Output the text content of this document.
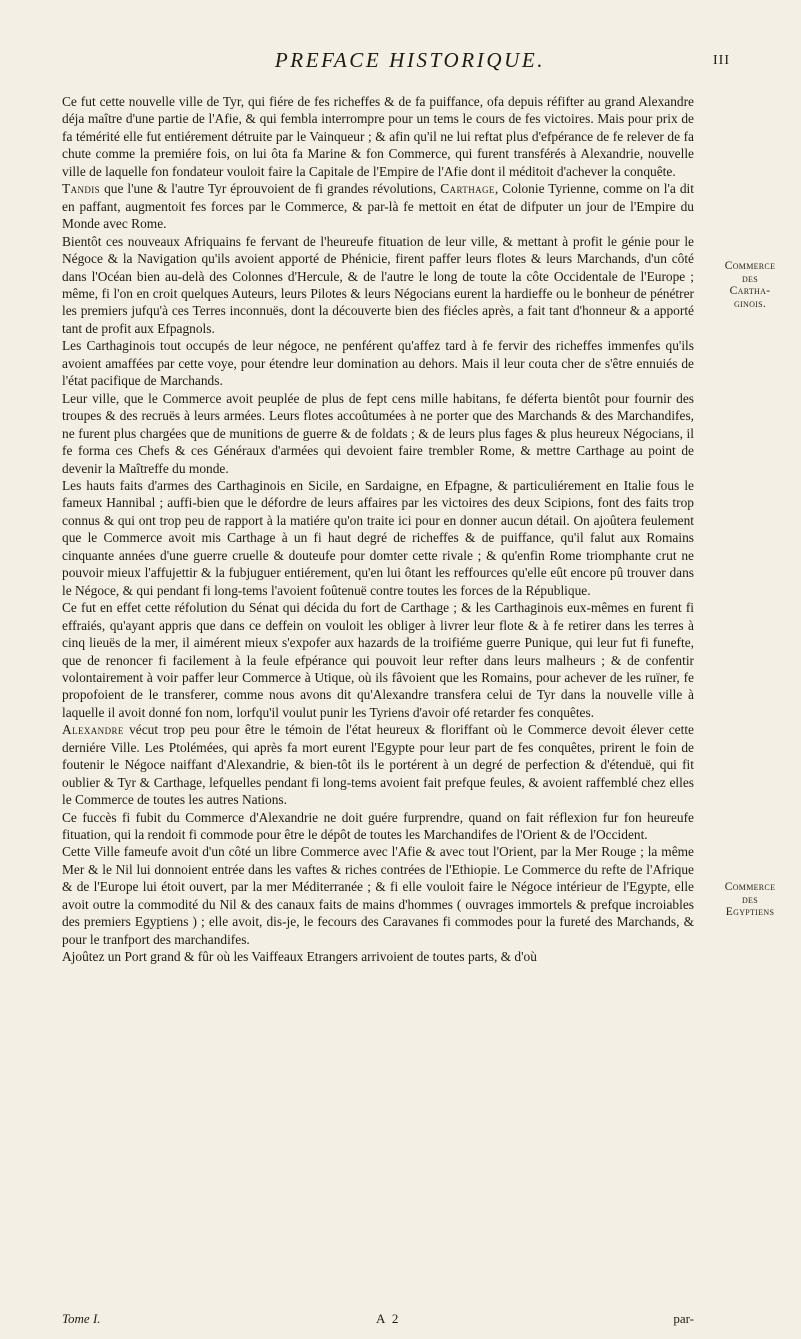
PREFACE HISTORIQUE.	III

Ce fut cette nouvelle ville de Tyr, qui fiére de fes richeffes & de fa puiffance, ofa depuis réfifter au grand Alexandre déja maître d'une partie de l'Afie, & qui fembla interrompre pour un tems le cours de fes victoires. Mais pour prix de fa témérité elle fut entiérement détruite par le Vainqueur ; & afin qu'il ne lui reftat plus d'efpérance de fe relever de fa chute comme la premiére fois, on lui ôta fa Marine & fon Commerce, qui furent transférés à Alexandrie, nouvelle ville de laquelle fon fondateur vouloit faire la Capitale de l'Empire de l'Afie dont il méditoit d'achever la conquête.

Tandis que l'une & l'autre Tyr éprouvoient de fi grandes révolutions, Carthage, Colonie Tyrienne, comme on l'a dit en paffant, augmentoit fes forces par le Commerce, & par-là fe mettoit en état de difputer un jour de l'Empire du Monde avec Rome.

Bientôt ces nouveaux Afriquains fe fervant de l'heureufe fituation de leur ville, & mettant à profit le génie pour le Négoce & la Navigation qu'ils avoient apporté de Phénicie, firent paffer leurs flotes & leurs Marchands, d'un côté dans l'Océan bien au-delà des Colonnes d'Hercule, & de l'autre le long de toute la côte Occidentale de l'Europe ; même, fi l'on en croit quelques Auteurs, leurs Pilotes & leurs Négocians eurent la hardieffe ou le bonheur de pénétrer les premiers jufqu'à ces Terres inconnuës, dont la découverte bien des fiécles après, a fait tant d'honneur & a apporté tant de profit aux Efpagnols.

Les Carthaginois tout occupés de leur négoce, ne penférent qu'affez tard à fe fervir des richeffes immenfes qu'ils avoient amaffées par cette voye, pour étendre leur domination au dehors. Mais il leur couta cher de s'être ennuiés de l'état pacifique de Marchands.

Leur ville, que le Commerce avoit peuplée de plus de fept cens mille habitans, fe déferta bientôt pour fournir des troupes & des recruës à leurs armées. Leurs flotes accoûtumées à ne porter que des Marchands & des Marchandifes, ne furent plus chargées que de munitions de guerre & de foldats ; & de leurs plus fages & plus heureux Négocians, il fe forma ces Chefs & ces Généraux d'armées qui devoient faire trembler Rome, & mettre Carthage au point de devenir la Maîtreffe du monde.

Les hauts faits d'armes des Carthaginois en Sicile, en Sardaigne, en Efpagne, & particuliérement en Italie fous le fameux Hannibal ; auffi-bien que le défordre de leurs affaires par les victoires des deux Scipions, font des faits trop connus & qui ont trop peu de rapport à la matiére qu'on traite ici pour en donner aucun détail. On ajoûtera feulement que le Commerce avoit mis Carthage à un fi haut degré de richeffes & de puiffance, qu'il falut aux Romains cinquante années d'une guerre cruelle & douteufe pour domter cette rivale ; & qu'enfin Rome triomphante crut ne pouvoir mieux l'affujettir & la fubjuguer entiérement, qu'en lui ôtant les reffources qu'elle eût encore pû trouver dans le Négoce, & qui pendant fi long-tems l'avoient foûtenuë contre toutes les forces de la République.

Ce fut en effet cette réfolution du Sénat qui décida du fort de Carthage ; & les Carthaginois eux-mêmes en furent fi effraiés, qu'ayant appris que dans ce deffein on vouloit les obliger à livrer leur flote & à fe retirer dans les terres à cinq lieuës de la mer, il aimérent mieux s'expofer aux hazards de la troifiéme guerre Punique, qui leur fut fi funefte, que de renoncer fi facilement à la feule efpérance qui pouvoit leur refter dans leurs malheurs ; & de confentir volontairement à voir paffer leur Commerce à Utique, où ils fâvoient que les Romains, pour achever de les ruïner, fe propofoient de le transferer, comme nous avons dit qu'Alexandre transfera celui de Tyr dans la nouvelle ville à laquelle il avoit donné fon nom, lorfqu'il voulut punir les Tyriens d'avoir ofé retarder fes conquêtes.

Alexandre vécut trop peu pour être le témoin de l'état heureux & floriffant où le Commerce devoit élever cette derniére Ville. Les Ptolémées, qui après fa mort eurent l'Egypte pour leur part de fes conquêtes, prirent le foin de foutenir le Négoce naiffant d'Alexandrie, & bien-tôt ils le portérent à un degré de perfection & d'étenduë, qui fit oublier & Tyr & Carthage, lefquelles pendant fi long-tems avoient fait prefque feules, & avoient raffemblé chez elles le Commerce de toutes les autres Nations.

Ce fuccès fi fubit du Commerce d'Alexandrie ne doit guére furprendre, quand on fait réflexion fur fon heureufe fituation, qui la rendoit fi commode pour être le dépôt de toutes les Marchandifes de l'Orient & de l'Occident.

Cette Ville fameufe avoit d'un côté un libre Commerce avec l'Afie & avec tout l'Orient, par la Mer Rouge ; la même Mer & le Nil lui donnoient entrée dans les vaftes & riches contrées de l'Ethiopie. Le Commerce du refte de l'Afrique & de l'Europe lui étoit ouvert, par la mer Méditerranée ; & fi elle vouloit faire le Négoce intérieur de l'Egypte, elle avoit outre la commodité du Nil & des canaux faits de mains d'hommes ( ouvrages immortels & prefque incroiables des premiers Egyptiens ) ; elle avoit, dis-je, le fecours des Caravanes fi commodes pour la fureté des Marchands, & pour le tranfport des marchandifes.

Ajoûtez un Port grand & fûr où les Vaiffeaux Etrangers arrivoient de toutes parts, & d'où

Commerce
des
Cartha-
ginois.
Commerce
des
Egyptiens
Tome I.	A 2	par-
